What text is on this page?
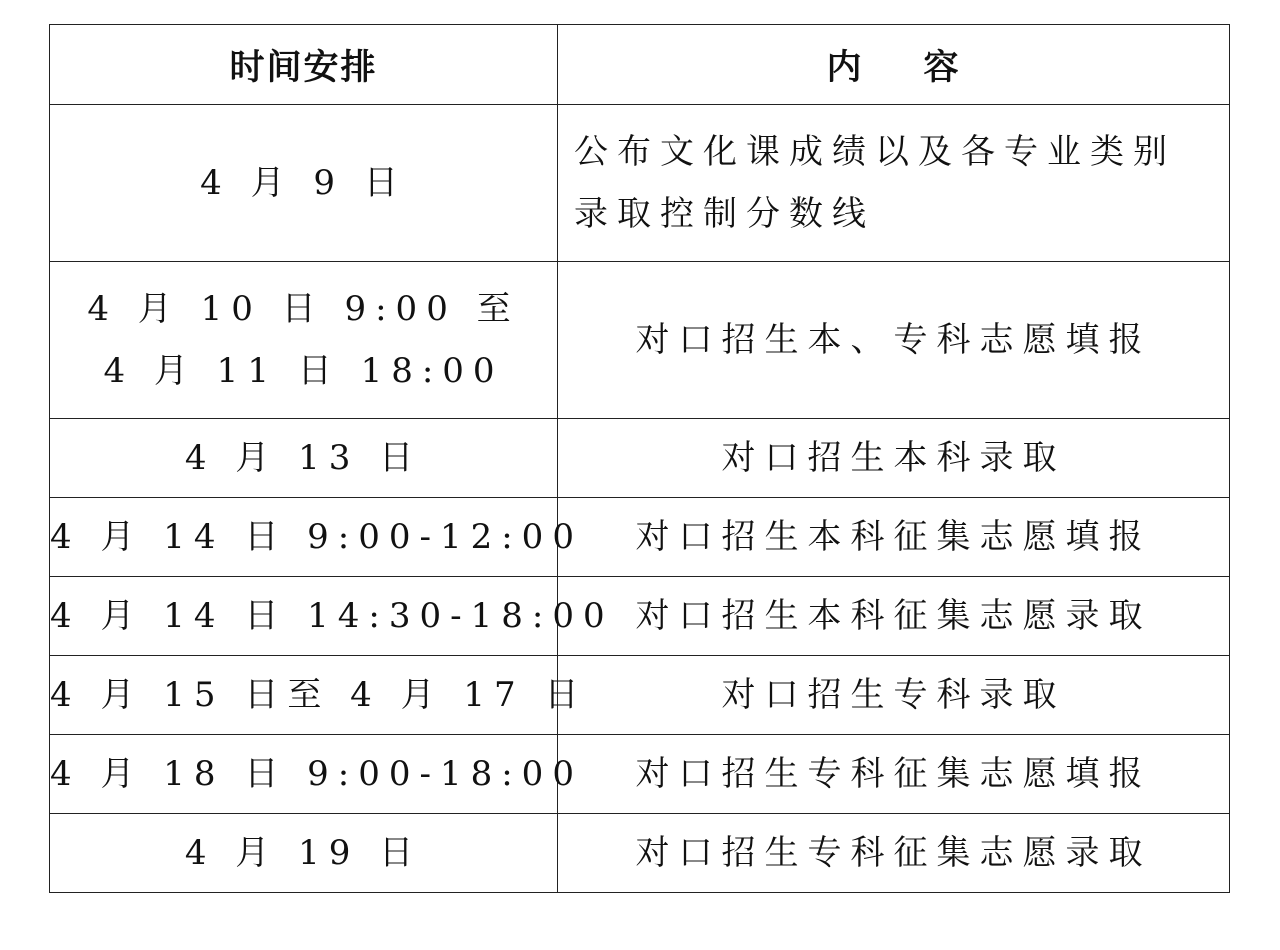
时间安排	内 容

4 月 9 日	公布文化课成绩以及各专业类别
录取控制分数线

4 月 10 日 9:00 至
4 月 11 日 18:00	对口招生本、专科志愿填报

4 月 13 日	对口招生本科录取

4 月 14 日 9:00-12:00	对口招生本科征集志愿填报

4 月 14 日 14:30-18:00	对口招生本科征集志愿录取

4 月 15 日至 4 月 17 日	对口招生专科录取

4 月 18 日 9:00-18:00	对口招生专科征集志愿填报

4 月 19 日	对口招生专科征集志愿录取
